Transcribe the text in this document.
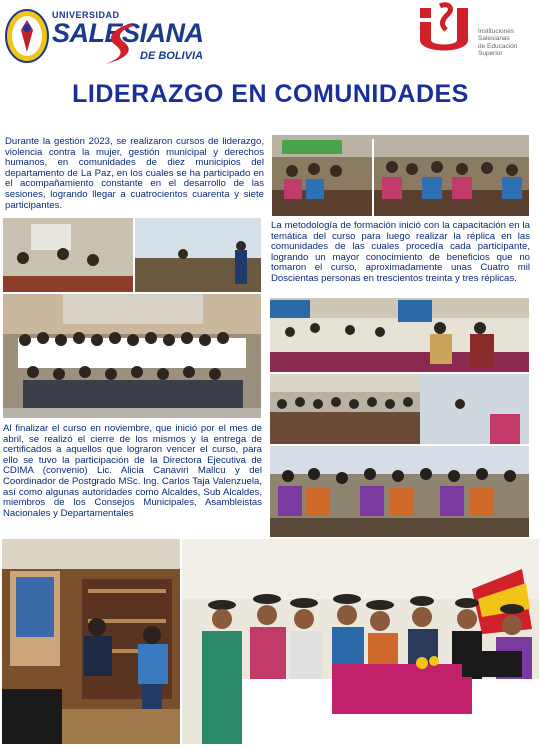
UNIVERSIDAD
SALESIANA
DE BOLIVIA
Instituciones
Salesianas
de Educación
Superior
LIDERAZGO EN COMUNIDADES

Durante la gestión 2023, se realizaron cursos de liderazgo, violencia contra la mujer, gestión municipal y derechos humanos, en comunidades de diez municipios del departamento de La Paz, en los cuales se ha participado en el acompañamiento constante en el desarrollo de las sesiones, logrando llegar a cuatrocientos cuarenta y siete participantes.

La metodología de formación inició con la capacitación en la temática del curso para luego realizar la réplica en las comunidades de las cuales procedía cada participante, logrando un mayor conocimiento de beneficios que no tomaron el curso, aproximadamente unas Cuatro mil Doscientas personas en trescientos treinta y tres réplicas.

Al finalizar el curso en noviembre, que inició por el mes de abril, se realizó el cierre de los mismos y la entrega de certificados a aquellos que lograron vencer el curso, para ello se tuvo la participación de la Directora Ejecutiva de CDIMA (convenio) Lic. Alicia Canaviri Mallcu y del Coordinador de Postgrado MSc. Ing. Carlos Taja Valenzuela, así como algunas autoridades como Alcaldes, Sub Alcaldes, miembros de los Consejos Municipales, Asambleistas Nacionales y Departamentales
